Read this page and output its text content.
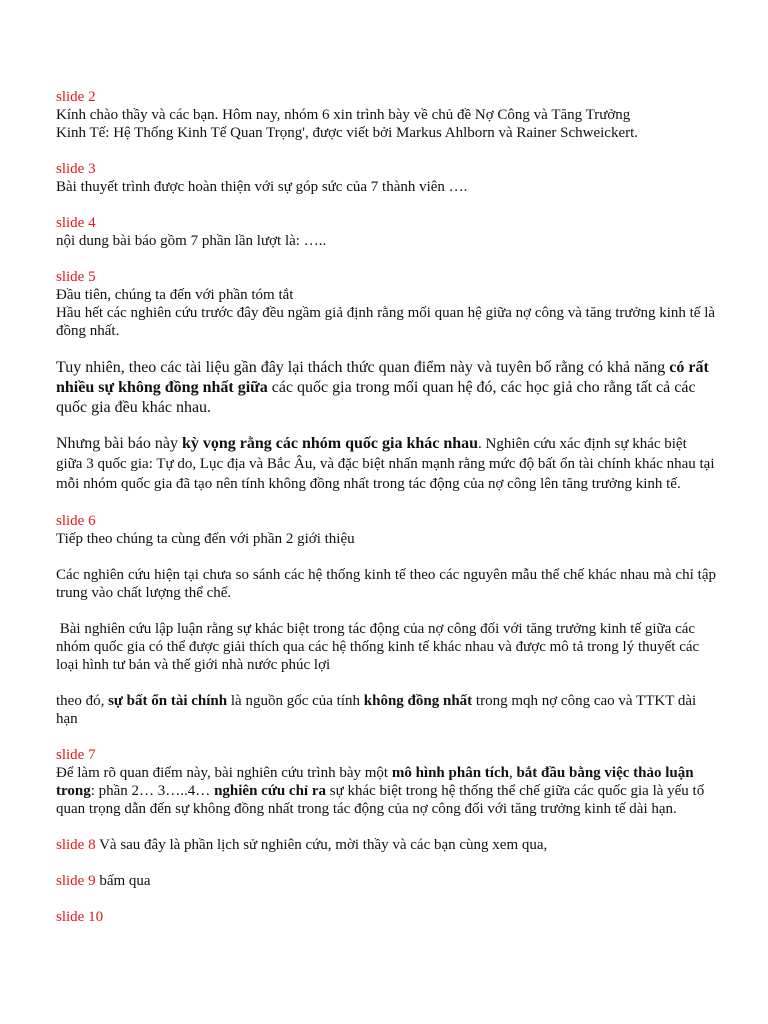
slide 2

Kính chào thầy và các bạn. Hôm nay, nhóm 6 xin trình bày về chủ đề Nợ Công và Tăng Trưởng
Kinh Tế: Hệ Thống Kinh Tế Quan Trọng', được viết bởi Markus Ahlborn và Rainer Schweickert.

slide 3
Bài thuyết trình được hoàn thiện với sự góp sức của 7 thành viên ….

slide 4
nội dung bài báo gồm 7 phần lần lượt là: …..

slide 5
Đầu tiên, chúng ta đến với phần tóm tắt
Hầu hết các nghiên cứu trước đây đều ngầm giả định rằng mối quan hệ giữa nợ công và tăng trưởng kinh tế là đồng nhất.

Tuy nhiên, theo các tài liệu gần đây lại thách thức quan điểm này và tuyên bố rằng có khả năng có rất nhiều sự không đồng nhất giữa các quốc gia trong mối quan hệ đó, các học giả cho rằng tất cả các quốc gia đều khác nhau.

Nhưng bài báo này kỳ vọng rằng các nhóm quốc gia khác nhau. Nghiên cứu xác định sự khác biệt giữa 3 quốc gia: Tự do, Lục địa và Bắc Âu, và đặc biệt nhấn mạnh rằng mức độ bất ổn tài chính khác nhau tại mỗi nhóm quốc gia đã tạo nên tính không đồng nhất trong tác động của nợ công lên tăng trưởng kinh tế.

slide 6
Tiếp theo chúng ta cùng đến với phần 2 giới thiệu

Các nghiên cứu hiện tại chưa so sánh các hệ thống kinh tế theo các nguyên mẫu thể chế khác nhau mà chỉ tập trung vào chất lượng thể chế.

Bài nghiên cứu lập luận rằng sự khác biệt trong tác động của nợ công đối với tăng trưởng kinh tế giữa các nhóm quốc gia có thể được giải thích qua các hệ thống kinh tế khác nhau và được mô tả trong lý thuyết các loại hình tư bản và thế giới nhà nước phúc lợi

theo đó, sự bất ổn tài chính là nguồn gốc của tính không đồng nhất trong mqh nợ công cao và TTKT dài hạn

slide 7
Để làm rõ quan điểm này, bài nghiên cứu trình bày một mô hình phân tích, bắt đầu bằng việc thảo luận trong: phần 2… 3…..4… nghiên cứu chỉ ra sự khác biệt trong hệ thống thể chế giữa các quốc gia là yếu tố quan trọng dẫn đến sự không đồng nhất trong tác động của nợ công đối với tăng trưởng kinh tế dài hạn.

slide 8 Và sau đây là phần lịch sử nghiên cứu, mời thầy và các bạn cùng xem qua,

slide 9 bấm qua

slide 10
